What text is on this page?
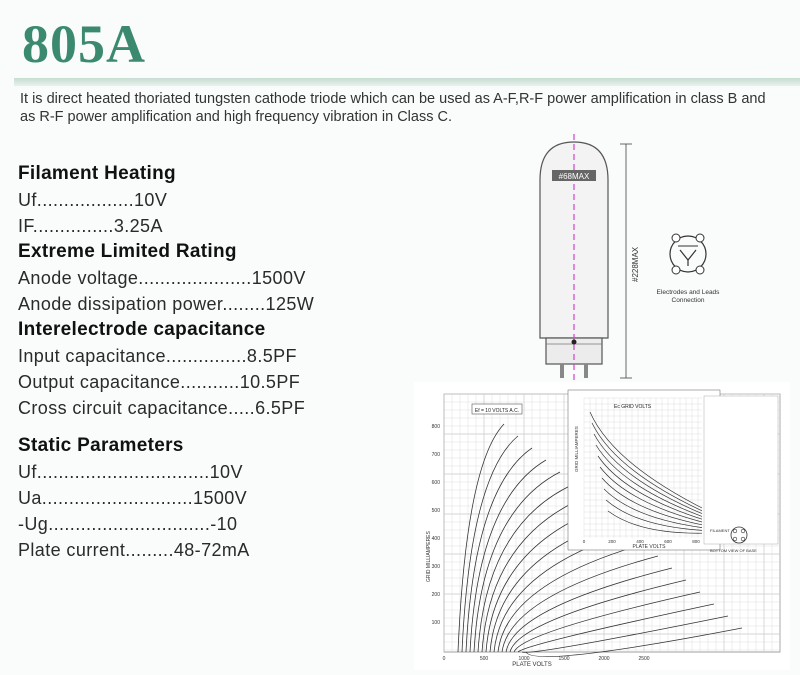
805A
It is direct heated thoriated tungsten cathode triode which can be used as A-F,R-F power amplification in class B and as R-F power amplification and high frequency vibration in Class C.
Filament Heating
Uf..................10V
IF...............3.25A
Extreme Limited Rating
Anode voltage.....................1500V
Anode dissipation power........125W
Interelectrode capacitance
Input capacitance...............8.5PF
Output capacitance...........10.5PF
Cross circuit capacitance.....6.5PF
Static Parameters
Uf................................10V
Ua............................1500V
-Ug..............................-10
Plate current.........48-72mA
#68MAX
#228MAX
Electrodes and Leads
Connection
Ef = 10 VOLTS A.C.
800
700
600
500
400
300
200
100
0	500	1000	1500	2000	2500
PLATE VOLTS
GRID MILLIAMPERES
Ec GRID VOLTS
0	200	400	600	800
PLATE VOLTS
GRID MILLIAMPERES
FILAMENT
BOTTOM VIEW OF BASE
